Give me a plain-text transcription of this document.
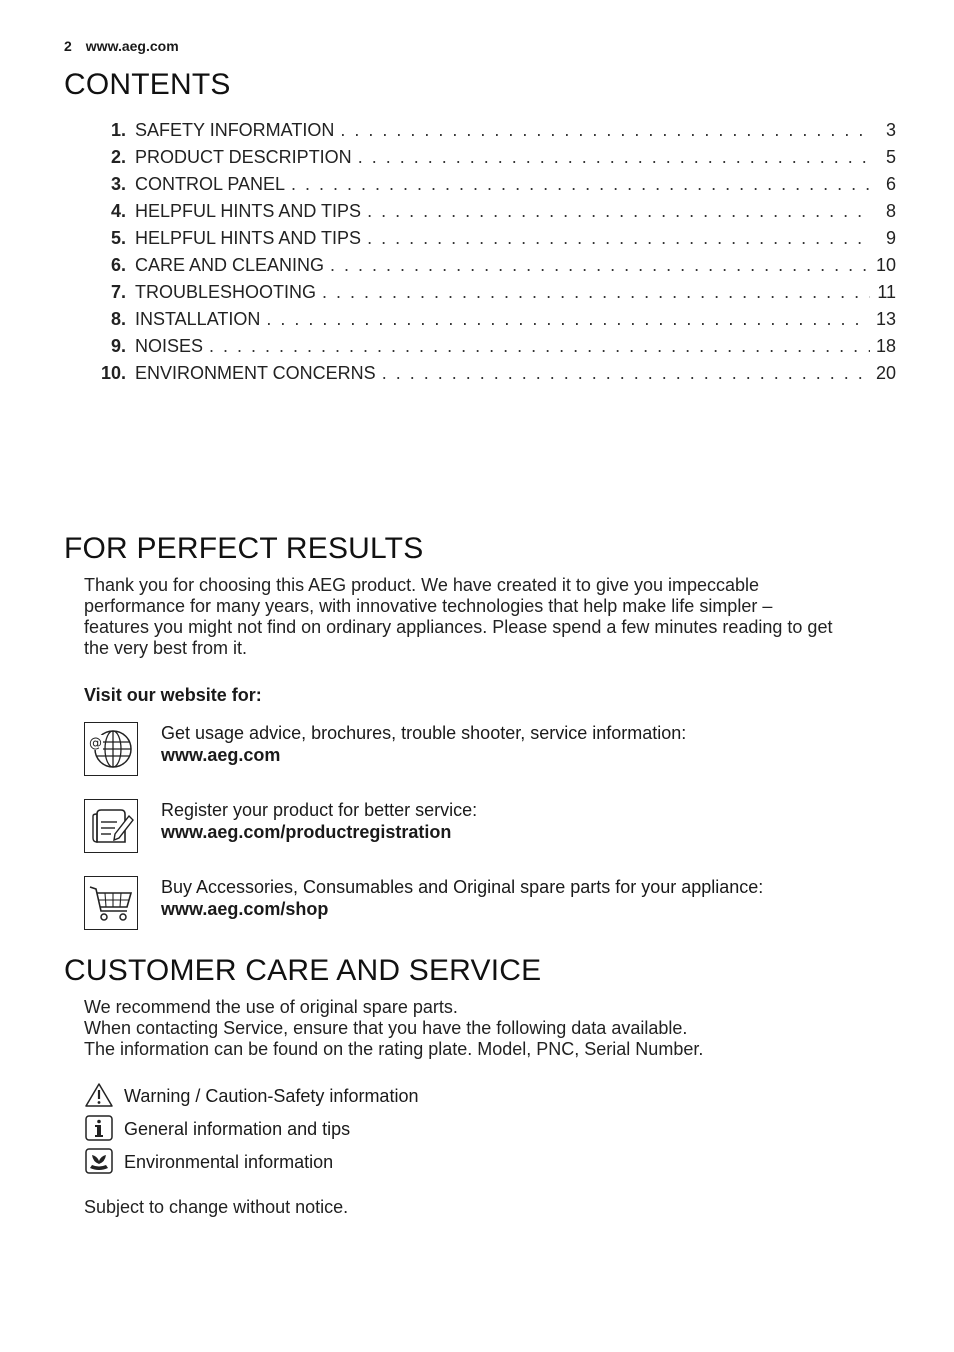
2 www.aeg.com
CONTENTS
1. SAFETY INFORMATION . . .	3
2. PRODUCT DESCRIPTION . . .	5
3. CONTROL PANEL . . .	6
4. HELPFUL HINTS AND TIPS . . .	8
5. HELPFUL HINTS AND TIPS . . .	9
6. CARE AND CLEANING . . .	10
7. TROUBLESHOOTING . . .	11
8. INSTALLATION . . .	13
9. NOISES . . .	18
10. ENVIRONMENT CONCERNS . . .	20
FOR PERFECT RESULTS
Thank you for choosing this AEG product. We have created it to give you impeccable
performance for many years, with innovative technologies that help make life simpler –
features you might not find on ordinary appliances. Please spend a few minutes reading to get
the very best from it.
Visit our website for:
@
Get usage advice, brochures, trouble shooter, service information:
www.aeg.com
Register your product for better service:
www.aeg.com/productregistration
Buy Accessories, Consumables and Original spare parts for your appliance:
www.aeg.com/shop
CUSTOMER CARE AND SERVICE
We recommend the use of original spare parts.
When contacting Service, ensure that you have the following data available.
The information can be found on the rating plate. Model, PNC, Serial Number.
Warning / Caution-Safety information
General information and tips
Environmental information
Subject to change without notice.
